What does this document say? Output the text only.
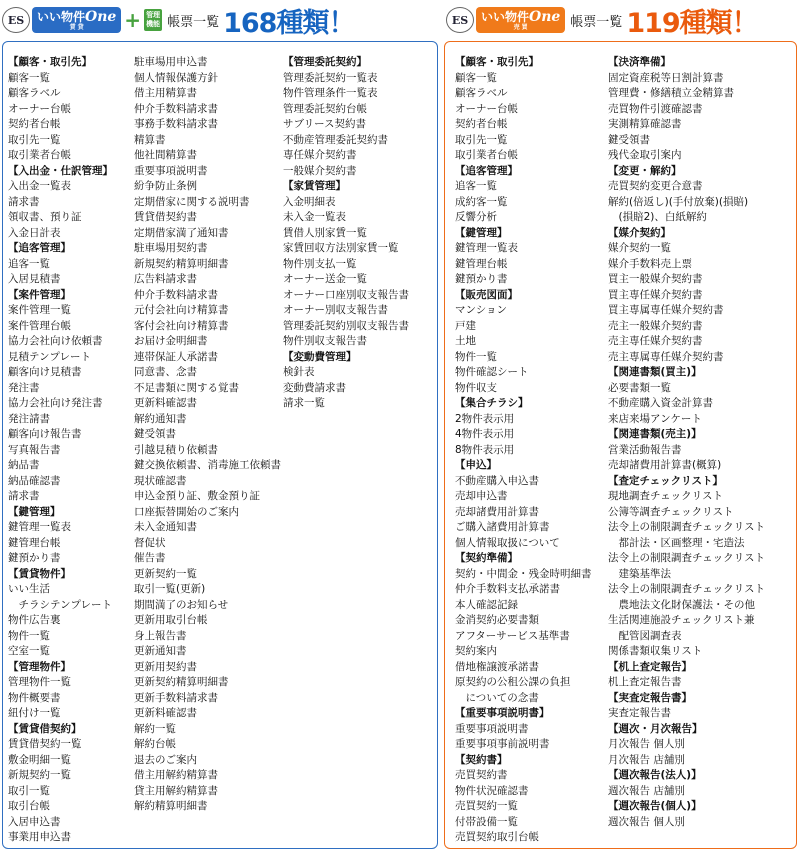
ES	いい物件One
賃 貸 + 管理
機能 帳票一覧 168種類！	ES	いい物件One
売 買	帳票一覧 119種類！
【顧客・取引先】
顧客一覧
顧客ラベル
オーナー台帳
契約者台帳
取引先一覧
取引業者台帳
【入出金・仕訳管理】
入出金一覧表
請求書
領収書、預り証
入金日計表
【追客管理】
追客一覧
入居見積書
【案件管理】
案件管理一覧
案件管理台帳
協力会社向け依頼書
見積テンプレート
顧客向け見積書
発注書
協力会社向け発注書
発注請書
顧客向け報告書
写真報告書
納品書
納品確認書
請求書
【鍵管理】
鍵管理一覧表
鍵管理台帳
鍵預かり書
【賃貸物件】
いい生活
　チラシテンプレート
物件広告裏
物件一覧
空室一覧
【管理物件】
管理物件一覧
物件概要書
紐付け一覧
【賃貸借契約】
賃貸借契約一覧
敷金明細一覧
新規契約一覧
取引一覧
取引台帳
入居申込書
事業用申込書
駐車場用申込書
個人情報保護方針
借主用精算書
仲介手数料請求書
事務手数料請求書
精算書
他社間精算書
重要事項説明書
紛争防止条例
定期借家に関する説明書
賃貸借契約書
定期借家満了通知書
駐車場用契約書
新規契約精算明細書
広告料請求書
仲介手数料請求書
元付会社向け精算書
客付会社向け精算書
お届け金明細書
連帯保証人承諾書
同意書、念書
不足書類に関する覚書
更新料確認書
解約通知書
鍵受領書
引越見積り依頼書
鍵交換依頼書、消毒施工依頼書
現状確認書
申込金預り証、敷金預り証
口座振替開始のご案内
未入金通知書
督促状
催告書
更新契約一覧
取引一覧(更新)
期間満了のお知らせ
更新用取引台帳
身上報告書
更新通知書
更新用契約書
更新契約精算明細書
更新手数料請求書
更新料確認書
解約一覧
解約台帳
退去のご案内
借主用解約精算書
貸主用解約精算書
解約精算明細書
【管理委託契約】
管理委託契約一覧表
物件管理条件一覧表
管理委託契約台帳
サブリース契約書
不動産管理委託契約書
専任媒介契約書
一般媒介契約書
【家賃管理】
入金明細表
未入金一覧表
賃借人別家賃一覧
家賃回収方法別家賃一覧
物件別支払一覧
オーナー送金一覧
オーナー口座別収支報告書
オーナー別収支報告書
管理委託契約別収支報告書
物件別収支報告書
【変動費管理】
検針表
変動費請求書
請求一覧
【顧客・取引先】
顧客一覧
顧客ラベル
オーナー台帳
契約者台帳
取引先一覧
取引業者台帳
【追客管理】
追客一覧
成約客一覧
反響分析
【鍵管理】
鍵管理一覧表
鍵管理台帳
鍵預かり書
【販売図面】
マンション
戸建
土地
物件一覧
物件確認シート
物件収支
【集合チラシ】
2物件表示用
4物件表示用
8物件表示用
【申込】
不動産購入申込書
売却申込書
売却諸費用計算書
ご購入諸費用計算書
個人情報取扱について
【契約準備】
契約・中間金・残金時明細書
仲介手数料支払承諾書
本人確認記録
金消契約必要書類
アフターサービス基準書
契約案内
借地権譲渡承諾書
原契約の公租公課の負担
　についての念書
【重要事項説明書】
重要事項説明書
重要事項事前説明書
【契約書】
売買契約書
物件状況確認書
売買契約一覧
付帯設備一覧
売買契約取引台帳
【決済準備】
固定資産税等日割計算書
管理費・修繕積立金精算書
売買物件引渡確認書
実測精算確認書
鍵受領書
残代金取引案内
【変更・解約】
売買契約変更合意書
解約(倍返し)(手付放棄)(損賠)
　(損賠2)、白紙解約
【媒介契約】
媒介契約一覧
媒介手数料売上票
買主一般媒介契約書
買主専任媒介契約書
買主専属専任媒介契約書
売主一般媒介契約書
売主専任媒介契約書
売主専属専任媒介契約書
【関連書類(買主)】
必要書類一覧
不動産購入資金計算書
来店来場アンケート
【関連書類(売主)】
営業活動報告書
売却諸費用計算書(概算)
【査定チェックリスト】
現地調査チェックリスト
公簿等調査チェックリスト
法令上の制限調査チェックリスト
　都計法・区画整理・宅造法
法令上の制限調査チェックリスト
　建築基準法
法令上の制限調査チェックリスト
　農地法文化財保護法・その他
生活関連施設チェックリスト兼
　配管図調査表
関係書類収集リスト
【机上査定報告】
机上査定報告書
【実査定報告書】
実査定報告書
【週次・月次報告】
月次報告 個人別
月次報告 店舗別
【週次報告(法人)】
週次報告 店舗別
【週次報告(個人)】
週次報告 個人別
